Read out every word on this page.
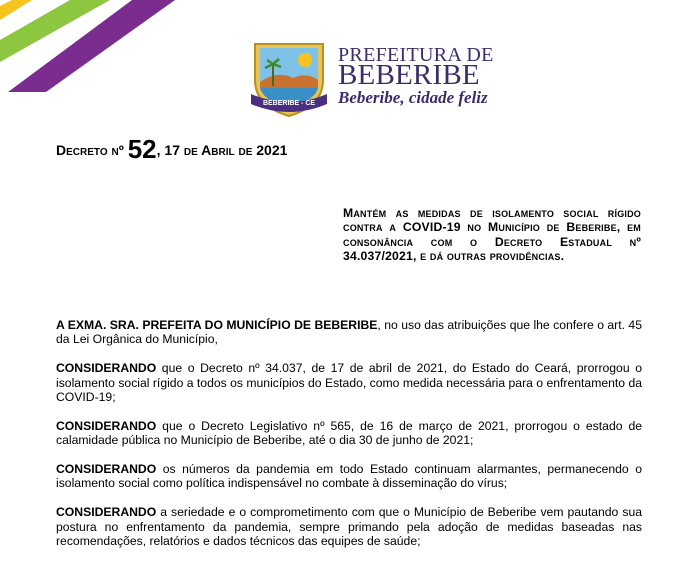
BEBERIBE - CE
PREFEITURA DE
BEBERIBE
Beberibe, cidade feliz
Decreto nº 52, 17 de Abril de 2021
Mantém as medidas de isolamento social rígido contra a COVID-19 no Município de Beberibe, em consonância com o Decreto Estadual nº 34.037/2021, e dá outras providências.

A EXMA. SRA. PREFEITA DO MUNICÍPIO DE BEBERIBE, no uso das atribuições que lhe confere o art. 45 da Lei Orgânica do Município,

CONSIDERANDO que o Decreto nº 34.037, de 17 de abril de 2021, do Estado do Ceará, prorrogou o isolamento social rígido a todos os municípios do Estado, como medida necessária para o enfrentamento da COVID-19;

CONSIDERANDO que o Decreto Legislativo nº 565, de 16 de março de 2021, prorrogou o estado de calamidade pública no Município de Beberibe, até o dia 30 de junho de 2021;

CONSIDERANDO os números da pandemia em todo Estado continuam alarmantes, permanecendo o isolamento social como política indispensável no combate à disseminação do vírus;

CONSIDERANDO a seriedade e o comprometimento com que o Município de Beberibe vem pautando sua postura no enfrentamento da pandemia, sempre primando pela adoção de medidas baseadas nas recomendações, relatórios e dados técnicos das equipes de saúde;
